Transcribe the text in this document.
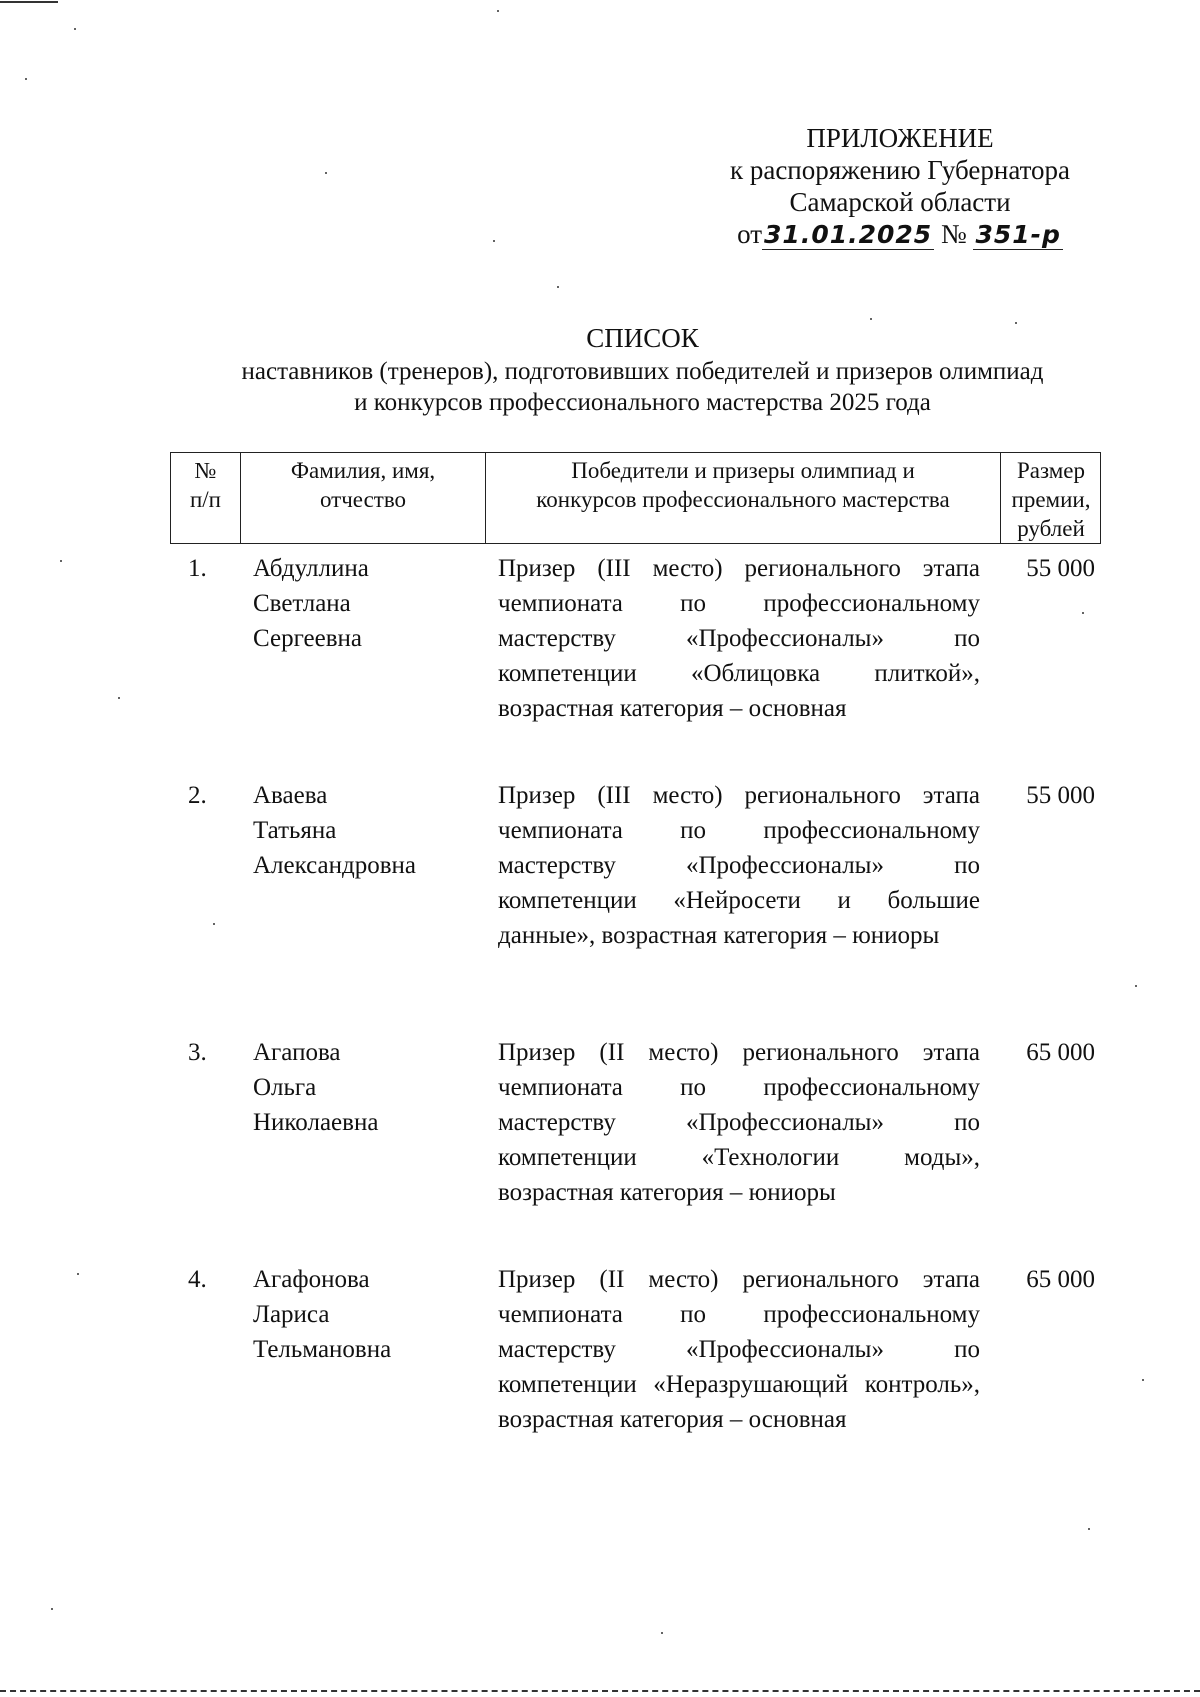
ПРИЛОЖЕНИЕ
к распоряжению Губернатора
Самарской области
от31.01.2025 № 351-р
СПИСОК
наставников (тренеров), подготовивших победителей и призеров олимпиад
и конкурсов профессионального мастерства 2025 года
№
п/п
Фамилия, имя,
отчество
Победители и призеры олимпиад и
конкурсов профессионального мастерства
Размер
премии,
рублей
1. Абдуллина
Светлана
Сергеевна
Призер (III место) регионального этапа чемпионата по профессиональному мастерству «Профессионалы» по компетенции «Облицовка плиткой», возрастная категория – основная
55 000
2. Аваева
Татьяна
Александровна
Призер (III место) регионального этапа чемпионата по профессиональному мастерству «Профессионалы» по компетенции «Нейросети и большие данные», возрастная категория – юниоры
55 000
3. Агапова
Ольга
Николаевна
Призер (II место) регионального этапа чемпионата по профессиональному мастерству «Профессионалы» по компетенции «Технологии моды», возрастная категория – юниоры
65 000
4. Агафонова
Лариса
Тельмановна
Призер (II место) регионального этапа чемпионата по профессиональному мастерству «Профессионалы» по компетенции «Неразрушающий контроль», возрастная категория – основная
65 000
